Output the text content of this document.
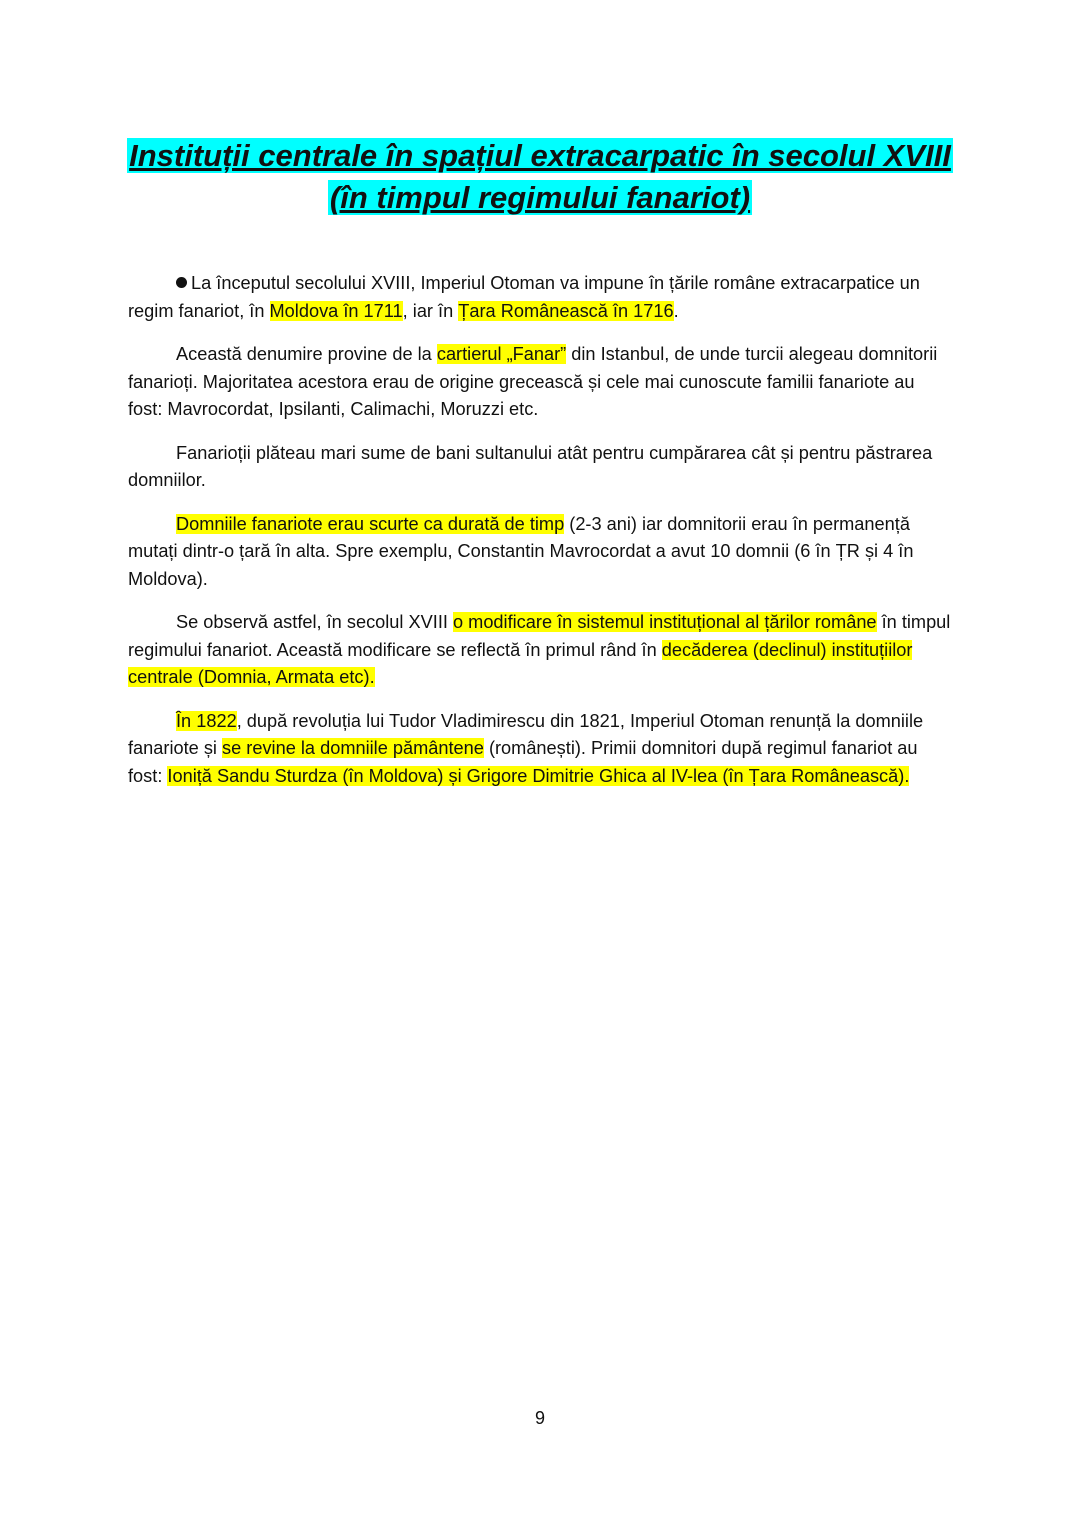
Instituții centrale în spațiul extracarpatic în secolul XVIII
(în timpul regimului fanariot)

La începutul secolului XVIII, Imperiul Otoman va impune în țările române extracarpatice un regim fanariot, în Moldova în 1711, iar în Țara Românească în 1716.

Această denumire provine de la cartierul „Fanar” din Istanbul, de unde turcii alegeau domnitorii fanarioți. Majoritatea acestora erau de origine grecească și cele mai cunoscute familii fanariote au fost: Mavrocordat, Ipsilanti, Calimachi, Moruzzi etc.

Fanarioții plăteau mari sume de bani sultanului atât pentru cumpărarea cât și pentru păstrarea domniilor.

Domniile fanariote erau scurte ca durată de timp (2-3 ani) iar domnitorii erau în permanență mutați dintr-o țară în alta. Spre exemplu, Constantin Mavrocordat a avut 10 domnii (6 în ȚR și 4 în Moldova).

Se observă astfel, în secolul XVIII o modificare în sistemul instituțional al țărilor române în timpul regimului fanariot. Această modificare se reflectă în primul rând în decăderea (declinul) instituțiilor centrale (Domnia, Armata etc).

În 1822, după revoluția lui Tudor Vladimirescu din 1821, Imperiul Otoman renunță la domniile fanariote și se revine la domniile pământene (românești). Primii domnitori după regimul fanariot au fost: Ioniță Sandu Sturdza (în Moldova) și Grigore Dimitrie Ghica al IV-lea (în Țara Românească).

9
